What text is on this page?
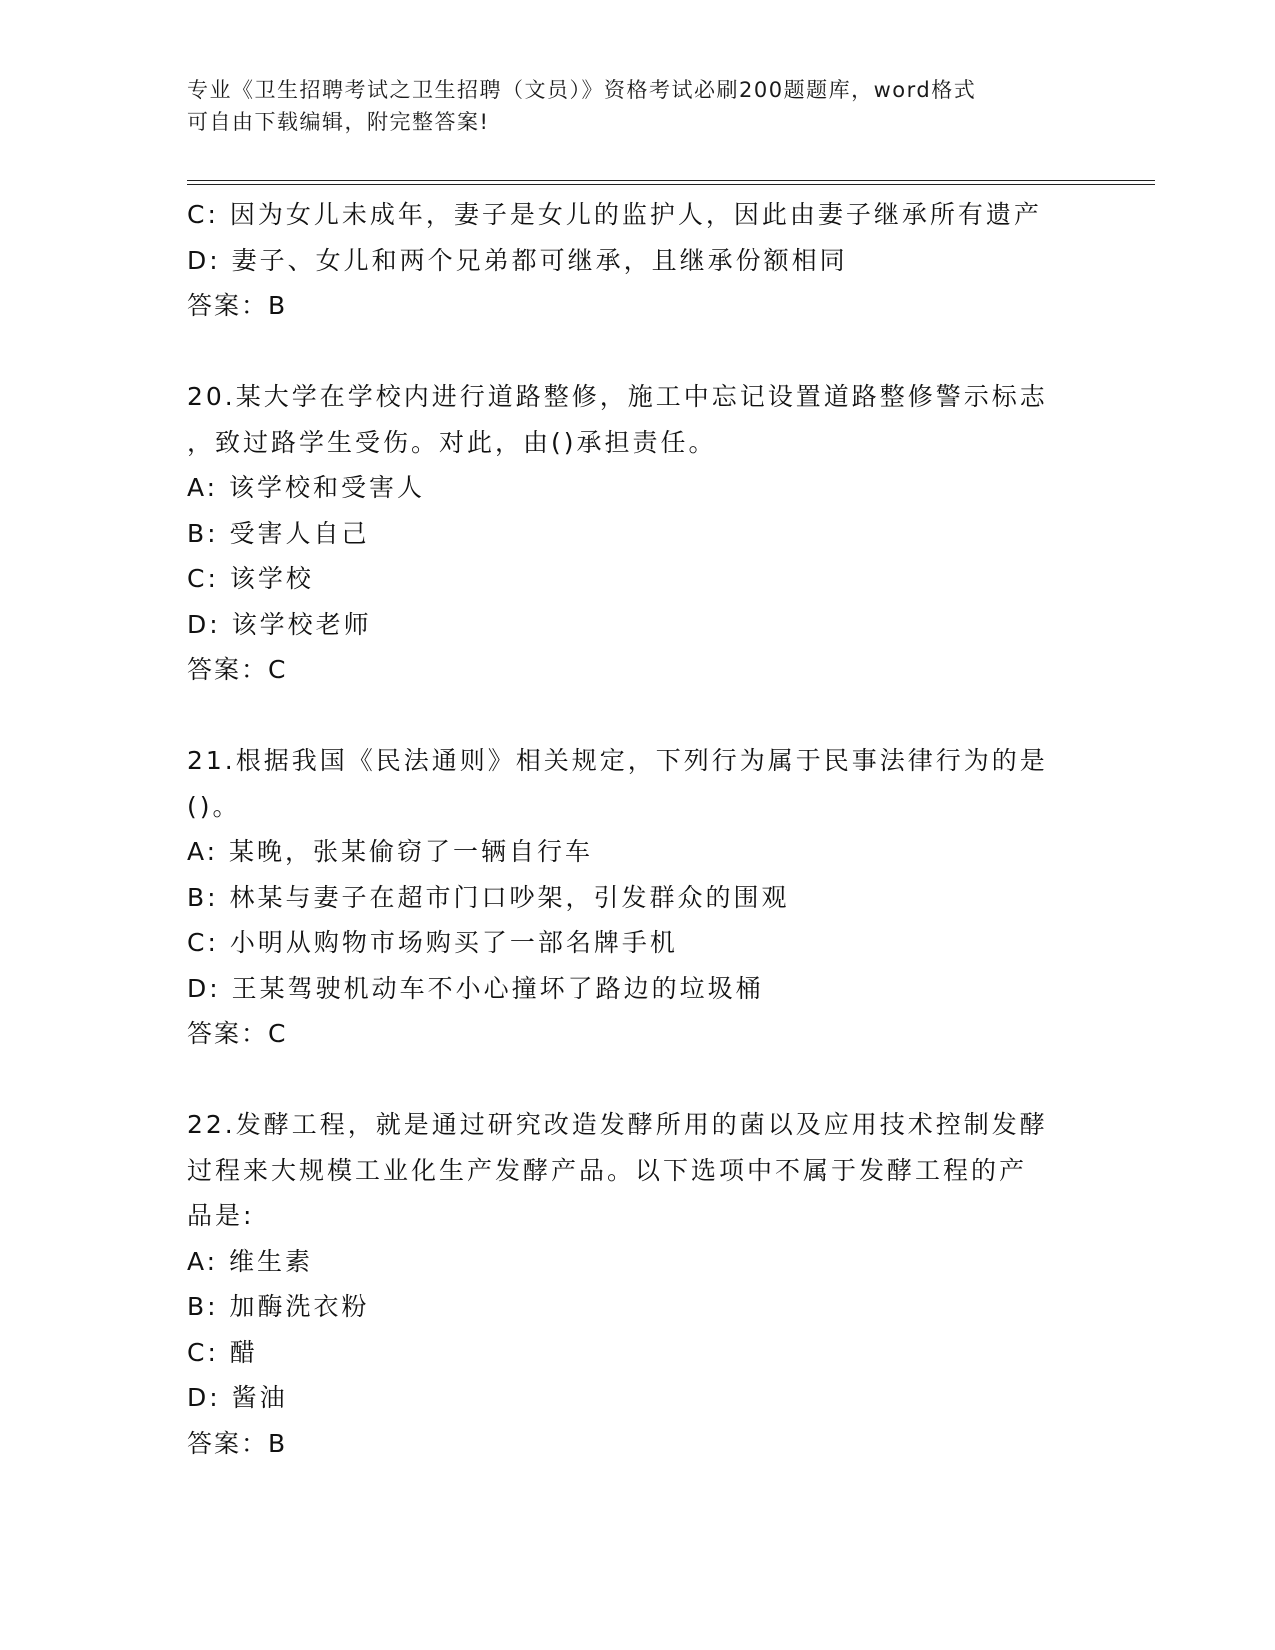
专业《卫生招聘考试之卫生招聘（文员）》资格考试必刷200题题库，word格式
可自由下载编辑，附完整答案!
C: 因为女儿未成年，妻子是女儿的监护人，因此由妻子继承所有遗产
D: 妻子、女儿和两个兄弟都可继承，且继承份额相同
答案：B
20.某大学在学校内进行道路整修，施工中忘记设置道路整修警示标志
，致过路学生受伤。对此，由()承担责任。
A: 该学校和受害人
B: 受害人自己
C: 该学校
D: 该学校老师
答案：C
21.根据我国《民法通则》相关规定，下列行为属于民事法律行为的是
()。
A: 某晚，张某偷窃了一辆自行车
B: 林某与妻子在超市门口吵架，引发群众的围观
C: 小明从购物市场购买了一部名牌手机
D: 王某驾驶机动车不小心撞坏了路边的垃圾桶
答案：C
22.发酵工程，就是通过研究改造发酵所用的菌以及应用技术控制发酵
过程来大规模工业化生产发酵产品。以下选项中不属于发酵工程的产
品是:
A: 维生素
B: 加酶洗衣粉
C: 醋
D: 酱油
答案：B
